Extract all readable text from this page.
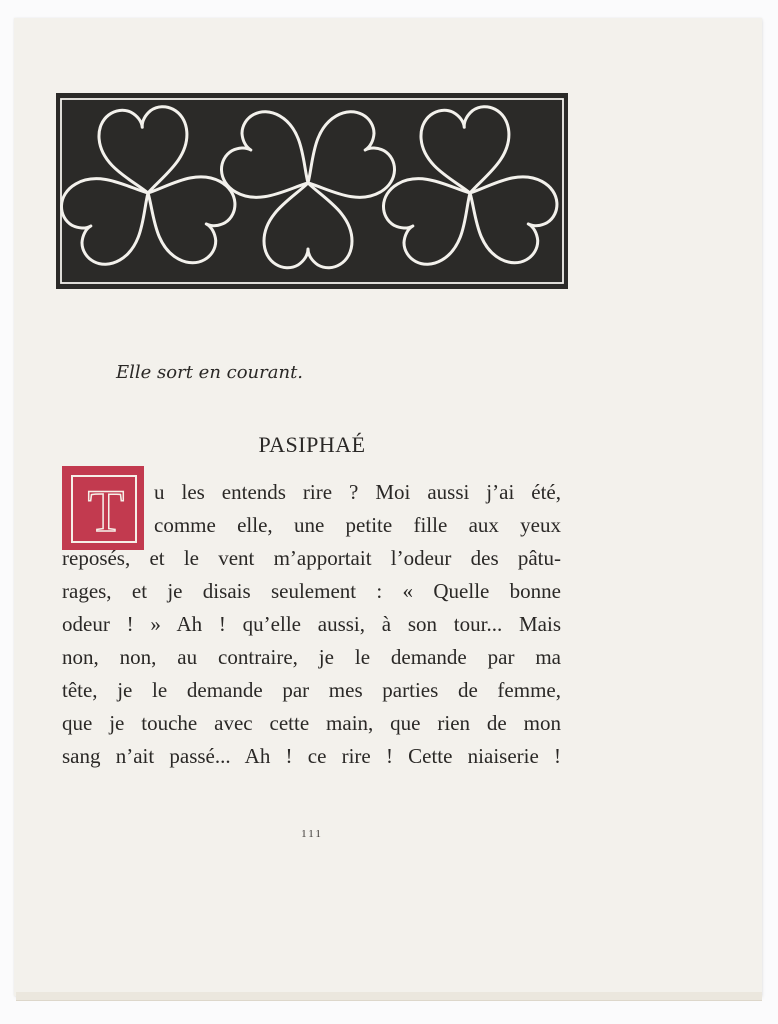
Elle sort en courant.
PASIPHAÉ
T	u les entends rire ? Moi aussi j’ai été,
comme elle, une petite fille aux yeux
reposés, et le vent m’apportait l’odeur des pâtu-
rages, et je disais seulement : « Quelle bonne
odeur ! » Ah ! qu’elle aussi, à son tour... Mais
non, non, au contraire, je le demande par ma
tête, je le demande par mes parties de femme,
que je touche avec cette main, que rien de mon
sang n’ait passé... Ah ! ce rire ! Cette niaiserie !
111
